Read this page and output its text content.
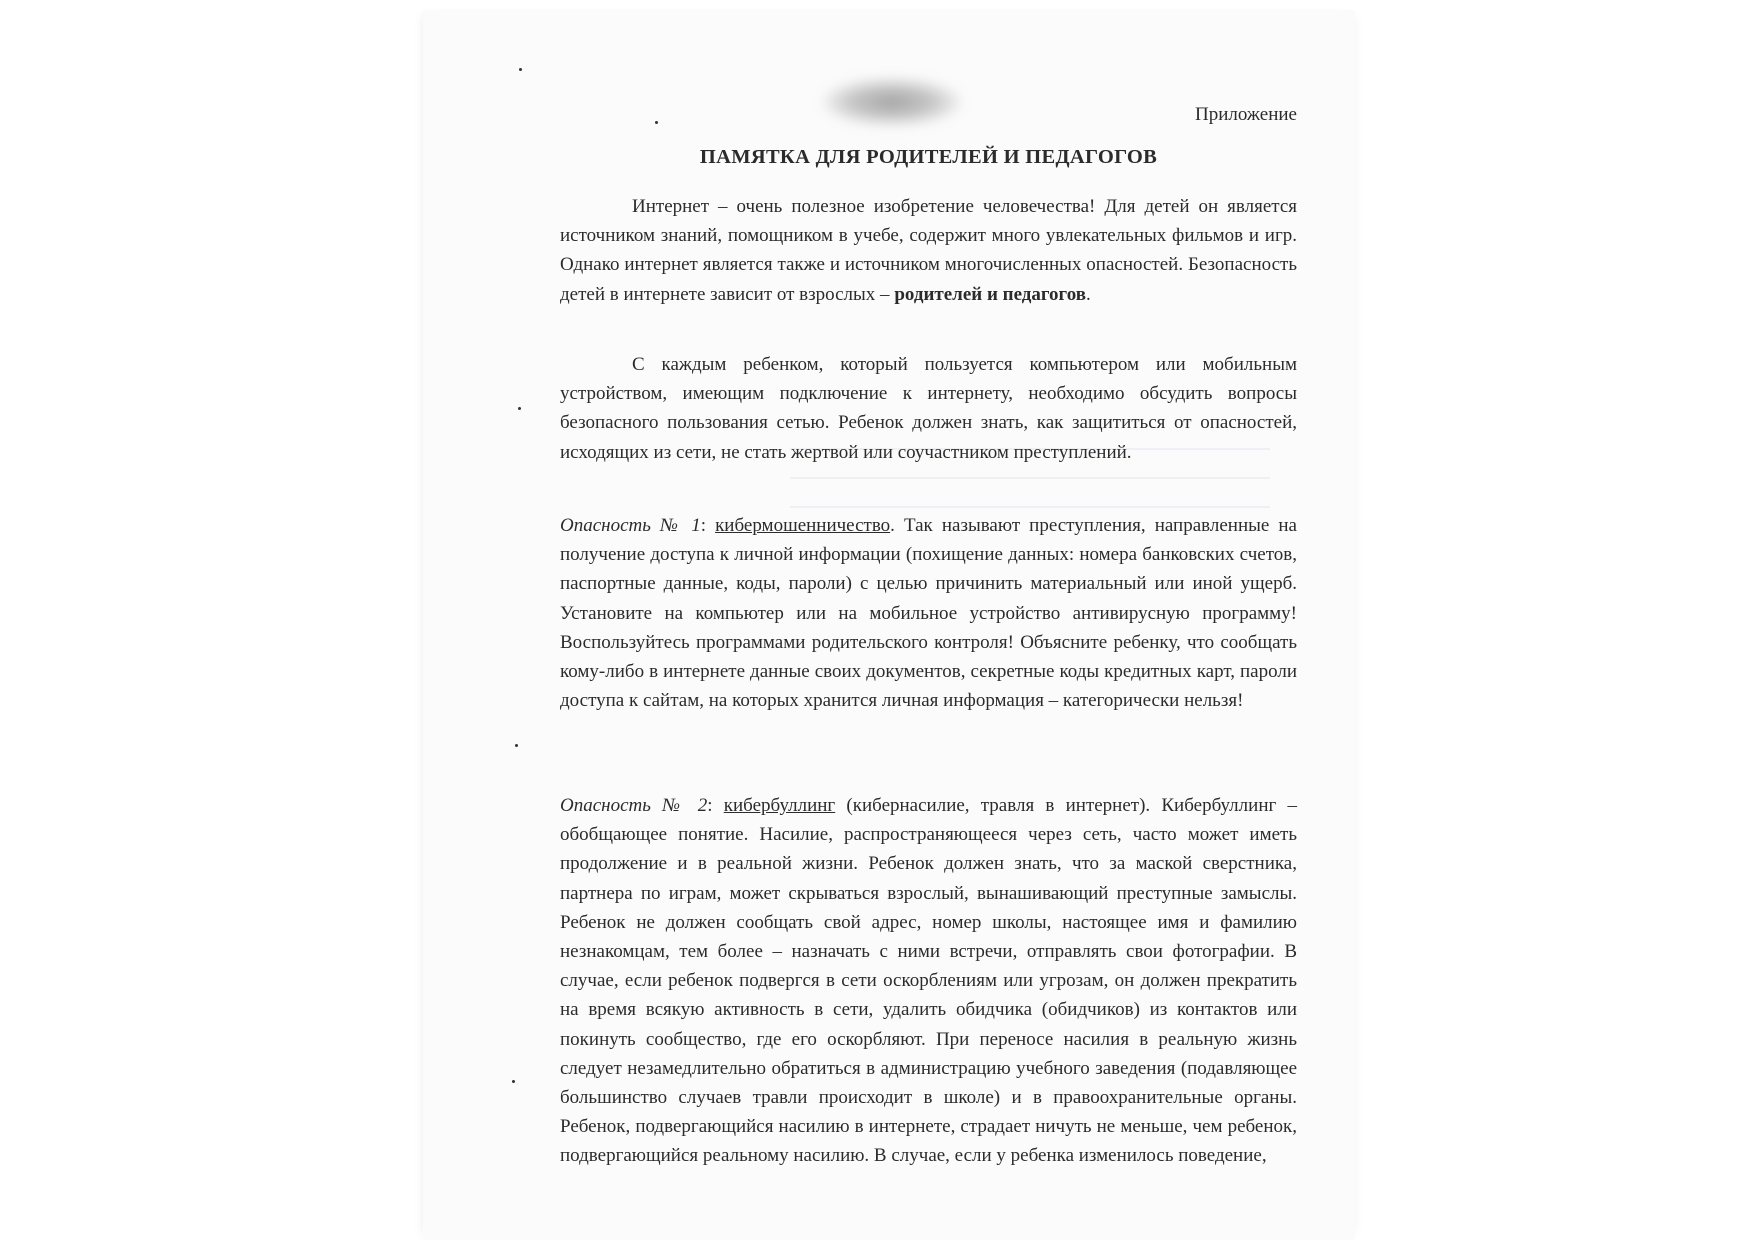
Приложение
ПАМЯТКА ДЛЯ РОДИТЕЛЕЙ И ПЕДАГОГОВ

Интернет – очень полезное изобретение человечества! Для детей он является источником знаний, помощником в учебе, содержит много увлекательных фильмов и игр. Однако интернет является также и источником многочисленных опасностей. Безопасность детей в интернете зависит от взрослых – родителей и педагогов.

С каждым ребенком, который пользуется компьютером или мобильным устройством, имеющим подключение к интернету, необходимо обсудить вопросы безопасного пользования сетью. Ребенок должен знать, как защититься от опасностей, исходящих из сети, не стать жертвой или соучастником преступлений.

Опасность № 1: кибермошенничество. Так называют преступления, направленные на получение доступа к личной информации (похищение данных: номера банковских счетов, паспортные данные, коды, пароли) с целью причинить материальный или иной ущерб. Установите на компьютер или на мобильное устройство антивирусную программу! Воспользуйтесь программами родительского контроля! Объясните ребенку, что сообщать кому-либо в интернете данные своих документов, секретные коды кредитных карт, пароли доступа к сайтам, на которых хранится личная информация – категорически нельзя!

Опасность № 2: кибербуллинг (кибернасилие, травля в интернет). Кибербуллинг – обобщающее понятие. Насилие, распространяющееся через сеть, часто может иметь продолжение и в реальной жизни. Ребенок должен знать, что за маской сверстника, партнера по играм, может скрываться взрослый, вынашивающий преступные замыслы. Ребенок не должен сообщать свой адрес, номер школы, настоящее имя и фамилию незнакомцам, тем более – назначать с ними встречи, отправлять свои фотографии. В случае, если ребенок подвергся в сети оскорблениям или угрозам, он должен прекратить на время всякую активность в сети, удалить обидчика (обидчиков) из контактов или покинуть сообщество, где его оскорбляют. При переносе насилия в реальную жизнь следует незамедлительно обратиться в администрацию учебного заведения (подавляющее большинство случаев травли происходит в школе) и в правоохранительные органы. Ребенок, подвергающийся насилию в интернете, страдает ничуть не меньше, чем ребенок, подвергающийся реальному насилию. В случае, если у ребенка изменилось поведение,
